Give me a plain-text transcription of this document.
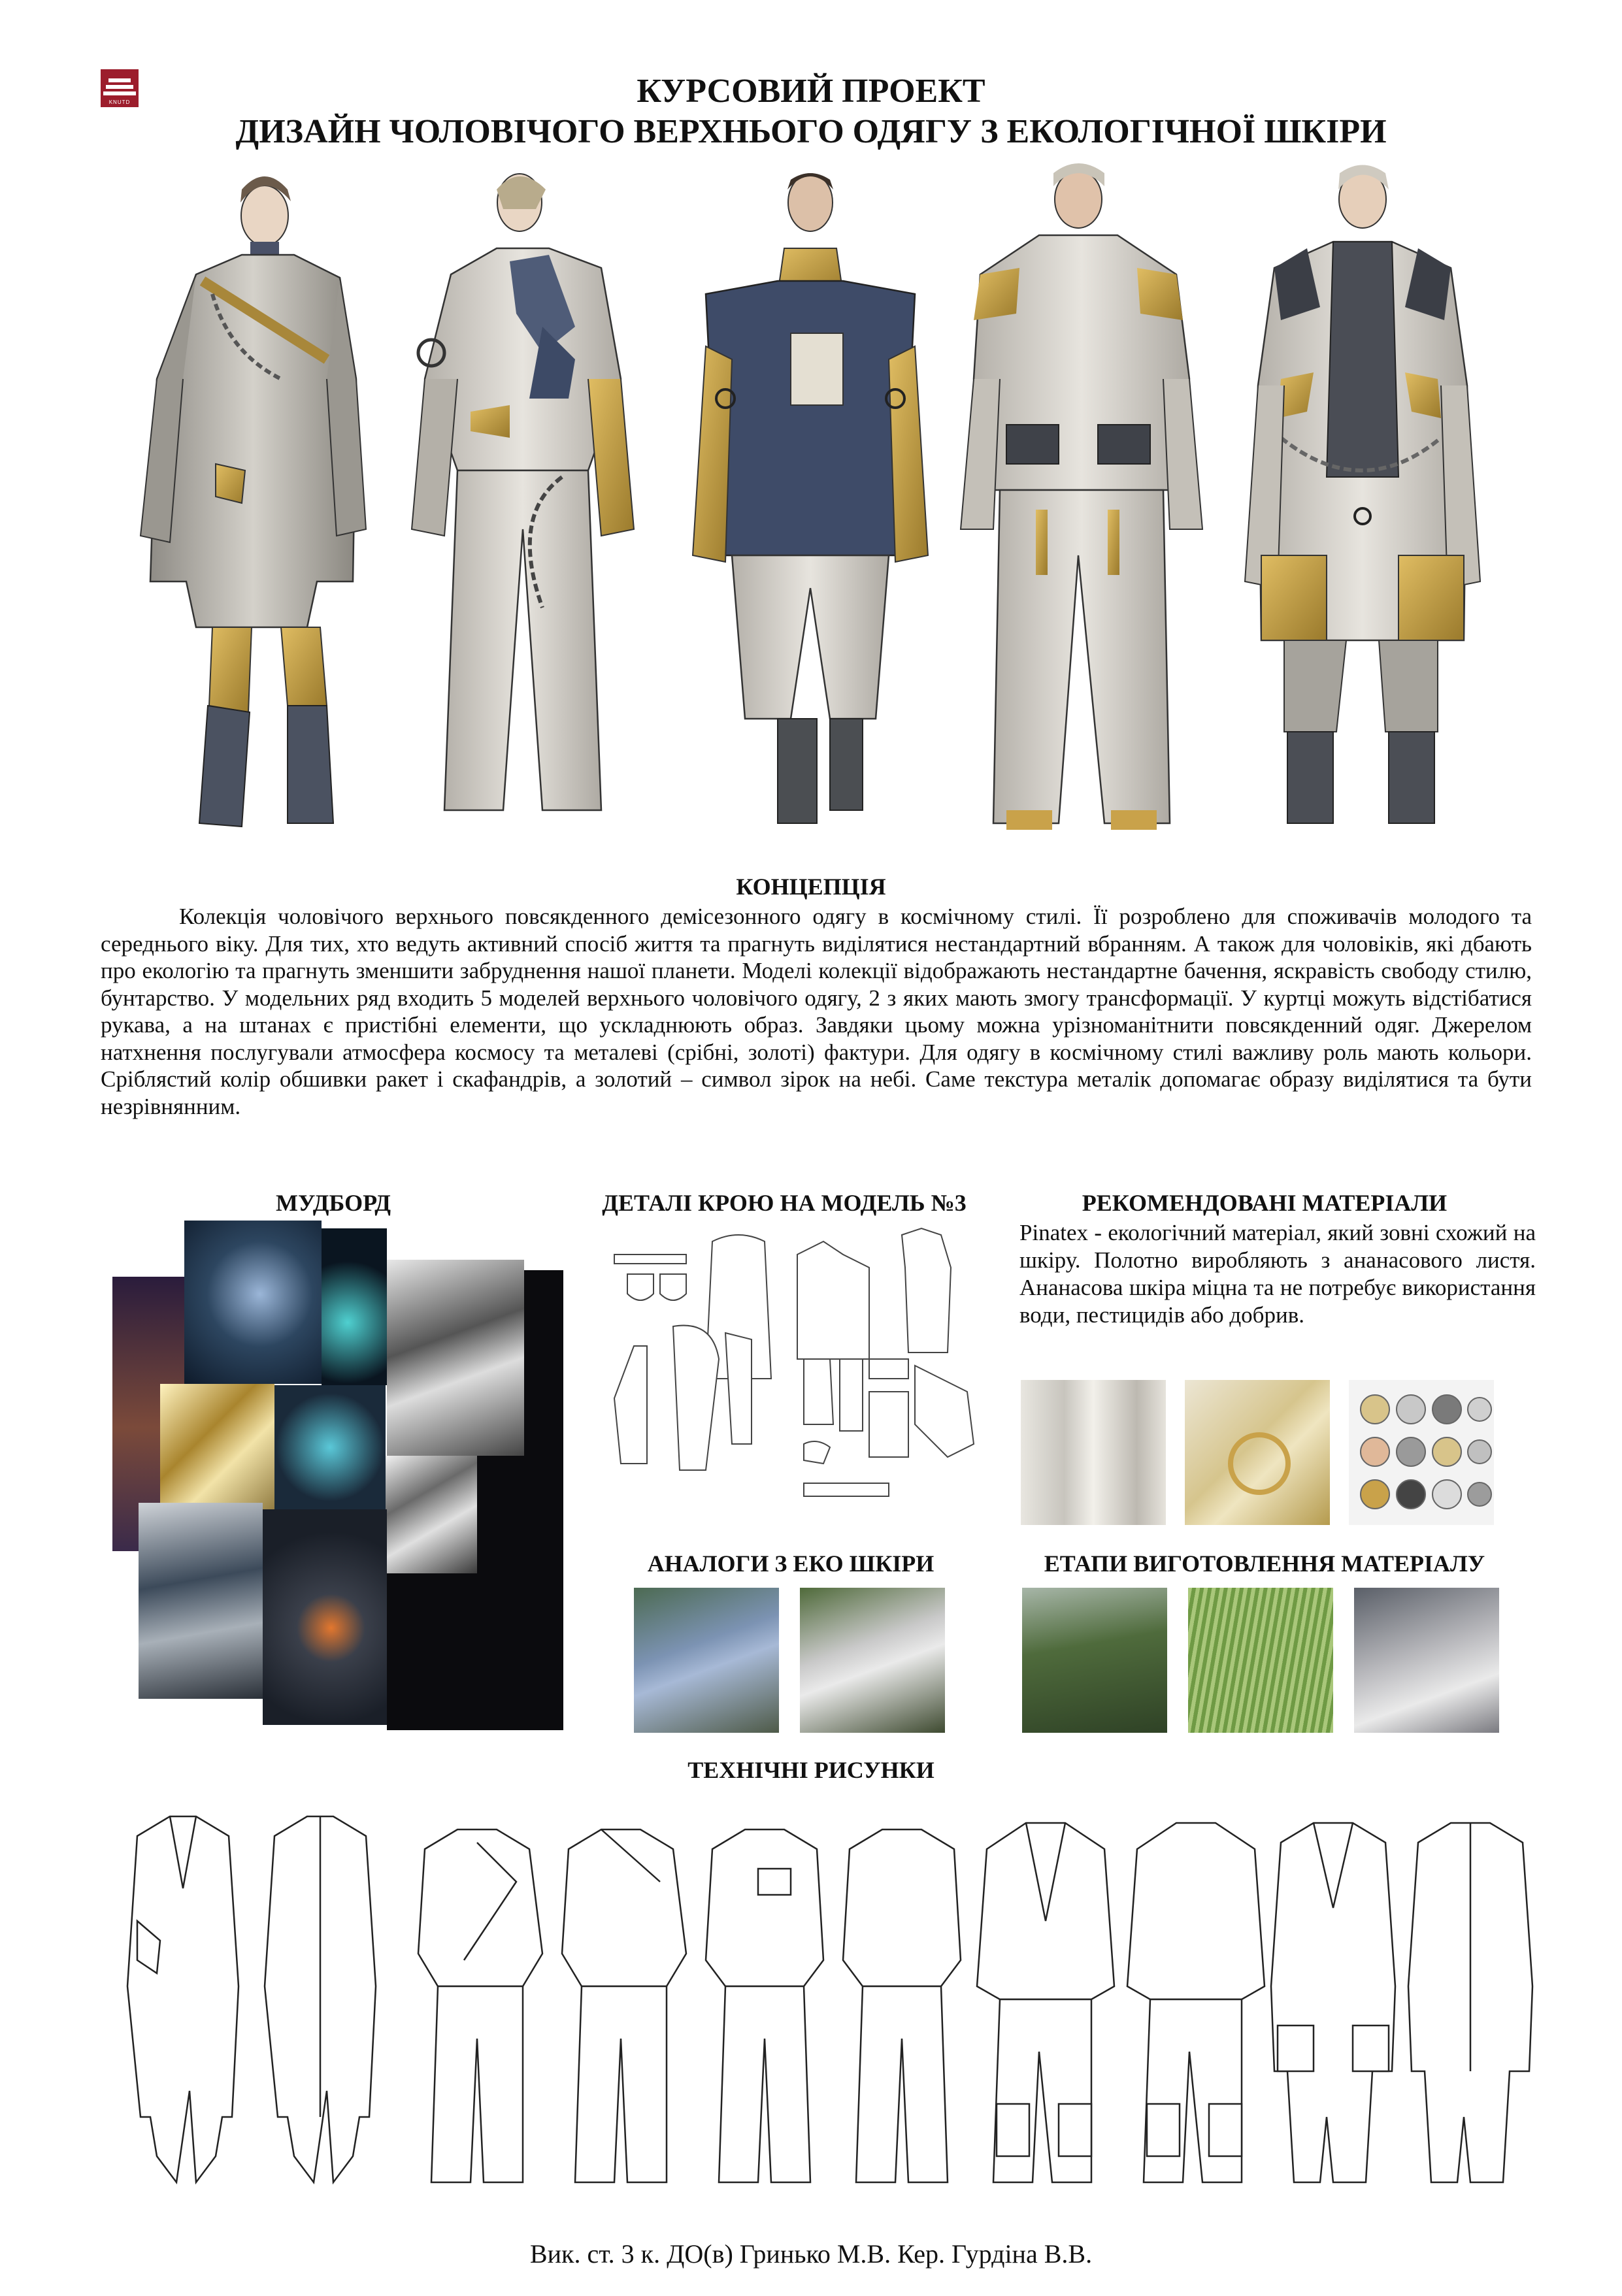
KNUTD	КУРСОВИЙ ПРОЕКТ
ДИЗАЙН ЧОЛОВІЧОГО ВЕРХНЬОГО ОДЯГУ З ЕКОЛОГІЧНОЇ ШКІРИ
КОНЦЕПЦІЯ
Колекція чоловічого верхнього повсякденного демісезонного одягу в космічному стилі. Її розроблено для споживачів молодого та середнього віку. Для тих, хто ведуть активний спосіб життя та прагнуть виділятися нестандартний вбранням. А також для чоловіків, які дбають про екологію та прагнуть зменшити забруднення нашої планети. Моделі колекції відображають нестандартне бачення, яскравість свободу стилю, бунтарство. У модельних ряд входить 5 моделей верхнього чоловічого одягу, 2 з яких мають змогу трансформації. У куртці можуть відстібатися рукава, а на штанах є пристібні елементи, що ускладнюють образ. Завдяки цьому можна урізноманітнити повсякденний одяг. Джерелом натхнення послугували атмосфера космосу та металеві (срібні, золоті) фактури. Для одягу в космічному стилі важливу роль мають кольори. Сріблястий колір обшивки ракет і скафандрів, а золотий – символ зірок на небі. Саме текстура металік допомагає образу виділятися та бути незрівнянним.
МУДБОРД	ДЕТАЛІ КРОЮ НА МОДЕЛЬ №3	РЕКОМЕНДОВАНІ МАТЕРІАЛИ
Pinatex - екологічний матеріал, який зовні схожий на шкіру. Полотно виробляють з ананасового листя. Ананасова шкіра міцна та не потребує використання води, пестицидів або добрив.
АНАЛОГИ З ЕКО ШКІРИ	ЕТАПИ ВИГОТОВЛЕННЯ МАТЕРІАЛУ
ТЕХНІЧНІ РИСУНКИ
Вик. ст. 3 к. ДО(в) Гринько М.В. Кер. Гурдіна В.В.
